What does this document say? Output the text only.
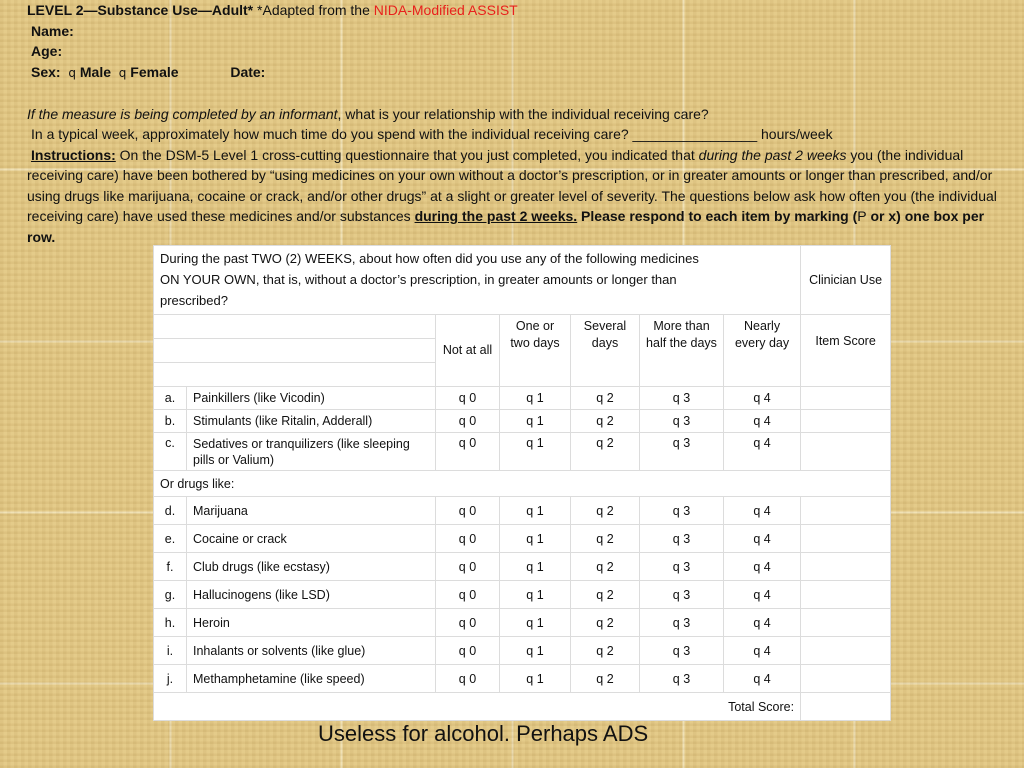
LEVEL 2—Substance Use—Adult* *Adapted from the NIDA-Modified ASSIST
Name:
Age:
Sex: q Male q Female	Date:
If the measure is being completed by an informant, what is your relationship with the individual receiving care?
In a typical week, approximately how much time do you spend with the individual receiving care? ________________ hours/week
Instructions: On the DSM-5 Level 1 cross-cutting questionnaire that you just completed, you indicated that during the past 2 weeks you (the individual receiving care) have been bothered by “using medicines on your own without a doctor’s prescription, or in greater amounts or longer than prescribed, and/or using drugs like marijuana, cocaine or crack, and/or other drugs” at a slight or greater level of severity. The questions below ask how often you (the individual receiving care) have used these medicines and/or substances during the past 2 weeks. Please respond to each item by marking (P or x) one box per row.
During the past TWO (2) WEEKS, about how often did you use any of the following medicines ON YOUR OWN, that is, without a doctor’s prescription, in greater amounts or longer than prescribed?							Clinician Use
		Not at all	One or two days	Several days	More than half the days	Nearly every day	Item Score

a.	Painkillers (like Vicodin)	q 0	q 1	q 2	q 3	q 4	
b.	Stimulants (like Ritalin, Adderall)	q 0	q 1	q 2	q 3	q 4	
c.	Sedatives or tranquilizers (like sleeping pills or Valium)	q 0	q 1	q 2	q 3	q 4	
Or drugs like:							
d.	Marijuana	q 0	q 1	q 2	q 3	q 4	
e.	Cocaine or crack	q 0	q 1	q 2	q 3	q 4	
f.	Club drugs (like ecstasy)	q 0	q 1	q 2	q 3	q 4	
g.	Hallucinogens (like LSD)	q 0	q 1	q 2	q 3	q 4	
h.	Heroin	q 0	q 1	q 2	q 3	q 4	
i.	Inhalants or solvents (like glue)	q 0	q 1	q 2	q 3	q 4	
j.	Methamphetamine (like speed)	q 0	q 1	q 2	q 3	q 4	
Total Score:							
Useless for alcohol. Perhaps ADS
